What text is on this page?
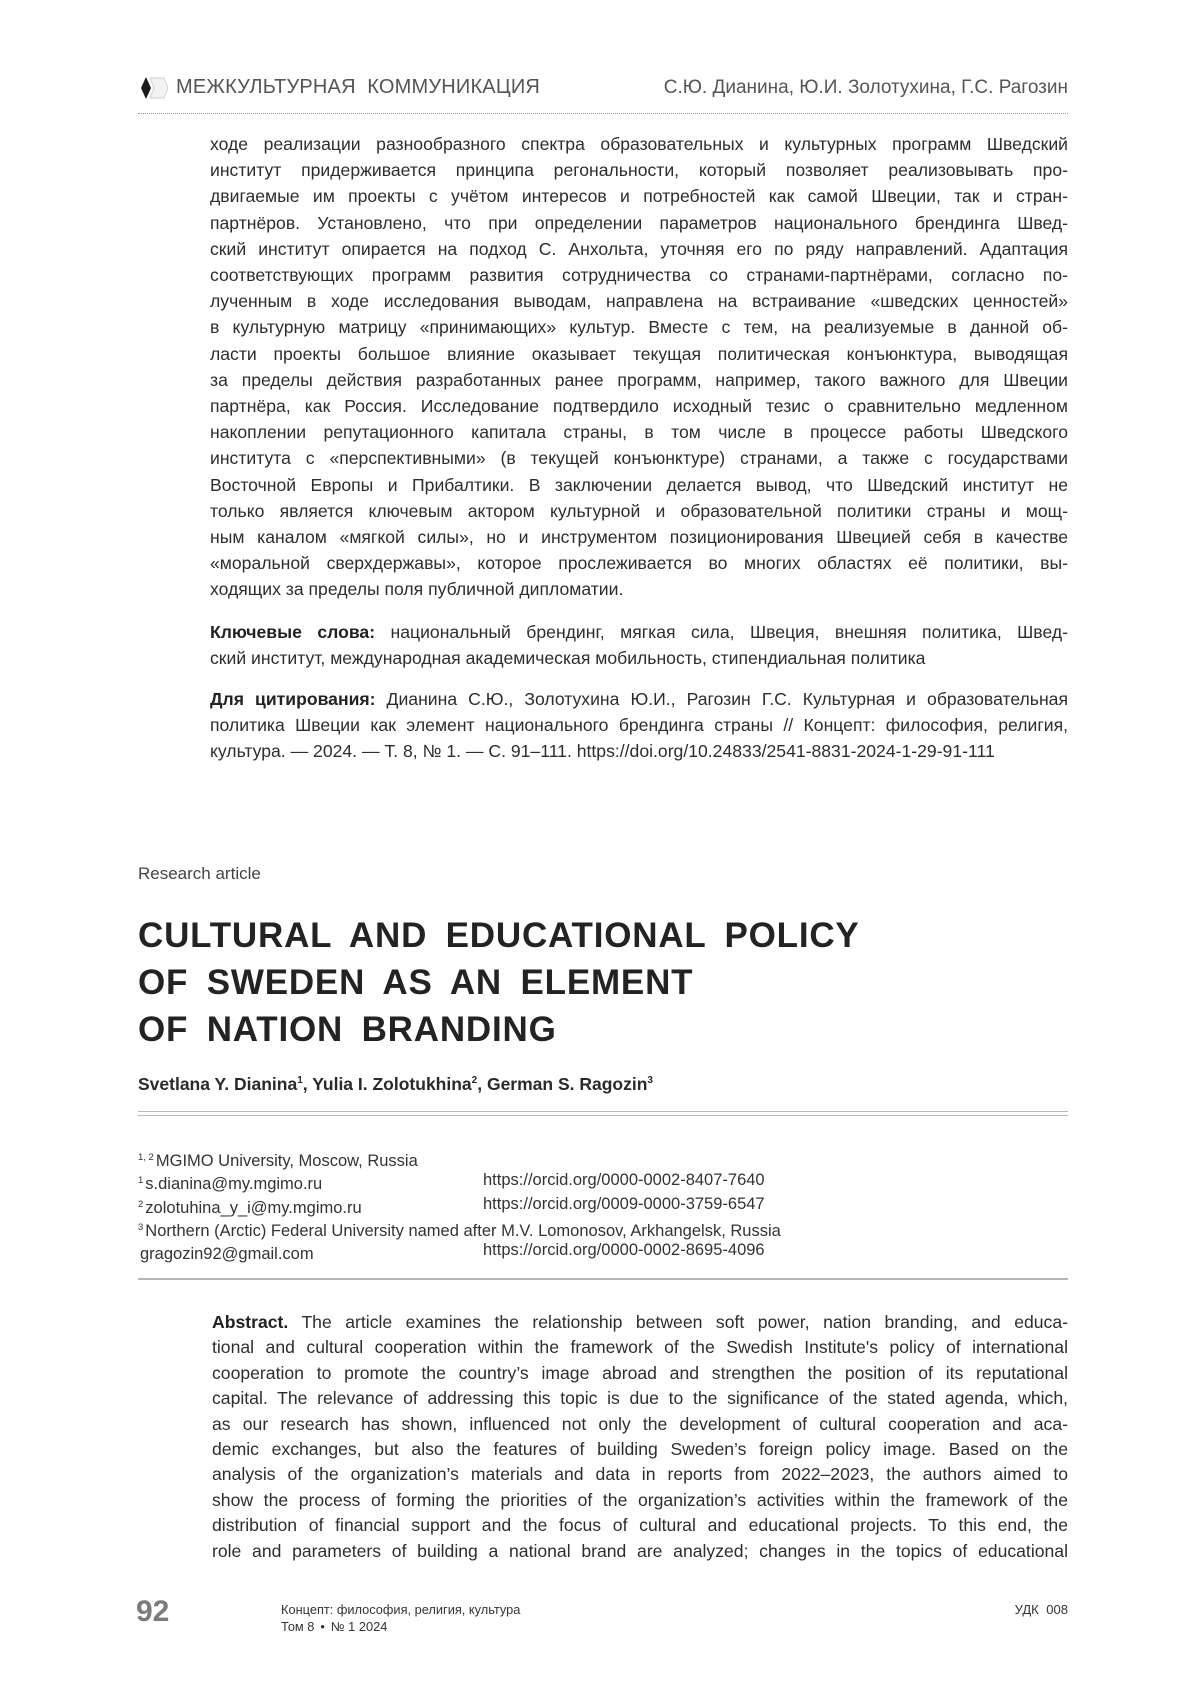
МЕЖКУЛЬТУРНАЯ  КОММУНИКАЦИЯ	С.Ю. Дианина, Ю.И. Золотухина, Г.С. Рагозин
ходе реализации разнообразного спектра образовательных и культурных программ Шведский
институт придерживается принципа регональности, который позволяет реализовывать про-
двигаемые им проекты с учётом интересов и потребностей как самой Швеции, так и стран-
партнёров. Установлено, что при определении параметров национального брендинга Швед-
ский институт опирается на подход С. Анхольта, уточняя его по ряду направлений. Адаптация
соответствующих программ развития сотрудничества со странами-партнёрами, согласно по-
лученным в ходе исследования выводам, направлена на встраивание «шведских ценностей»
в культурную матрицу «принимающих» культур. Вместе с тем, на реализуемые в данной об-
ласти проекты большое влияние оказывает текущая политическая конъюнктура, выводящая
за пределы действия разработанных ранее программ, например, такого важного для Швеции
партнёра, как Россия. Исследование подтвердило исходный тезис о сравнительно медленном
накоплении репутационного капитала страны, в том числе в процессе работы Шведского
института с «перспективными» (в текущей конъюнктуре) странами, а также с государствами
Восточной Европы и Прибалтики. В заключении делается вывод, что Шведский институт не
только является ключевым актором культурной и образовательной политики страны и мощ-
ным каналом «мягкой силы», но и инструментом позиционирования Швецией себя в качестве
«моральной сверхдержавы», которое прослеживается во многих областях её политики, вы-
ходящих за пределы поля публичной дипломатии.
Ключевые слова: национальный брендинг, мягкая сила, Швеция, внешняя политика, Швед-
ский институт, международная академическая мобильность, стипендиальная политика
Для цитирования: Дианина С.Ю., Золотухина Ю.И., Рагозин Г.С. Культурная и образовательная
политика Швеции как элемент национального брендинга страны // Концепт: философия, религия,
культура. — 2024. — Т. 8, № 1. — С. 91–111. https://doi.org/10.24833/2541-8831-2024-1-29-91-111
Research article
CULTURAL AND EDUCATIONAL POLICY
OF SWEDEN AS AN ELEMENT
OF NATION BRANDING
Svetlana Y. Dianina$^1$, Yulia I. Zolotukhina$^2$, German S. Ragozin$^3$
$^{1, 2}$ MGIMO University, Moscow, Russia
$^1$ s.dianina@my.mgimo.ru	https://orcid.org/0000-0002-8407-7640
$^2$ zolotuhina_y_i@my.mgimo.ru	https://orcid.org/0009-0000-3759-6547
$^3$ Northern (Arctic) Federal University named after M.V. Lomonosov, Arkhangelsk, Russia
gragozin92@gmail.com	https://orcid.org/0000-0002-8695-4096
Abstract. The article examines the relationship between soft power, nation branding, and educa-
tional and cultural cooperation within the framework of the Swedish Institute's policy of international
cooperation to promote the country’s image abroad and strengthen the position of its reputational
capital. The relevance of addressing this topic is due to the significance of the stated agenda, which,
as our research has shown, influenced not only the development of cultural cooperation and aca-
demic exchanges, but also the features of building Sweden’s foreign policy image. Based on the
analysis of the organization’s materials and data in reports from 2022–2023, the authors aimed to
show the process of forming the priorities of the organization’s activities within the framework of the
distribution of financial support and the focus of cultural and educational projects. To this end, the
role and parameters of building a national brand are analyzed; changes in the topics of educational
92	Концепт: философия, религия, культура
Том 8 • № 1 2024
УДК 008
